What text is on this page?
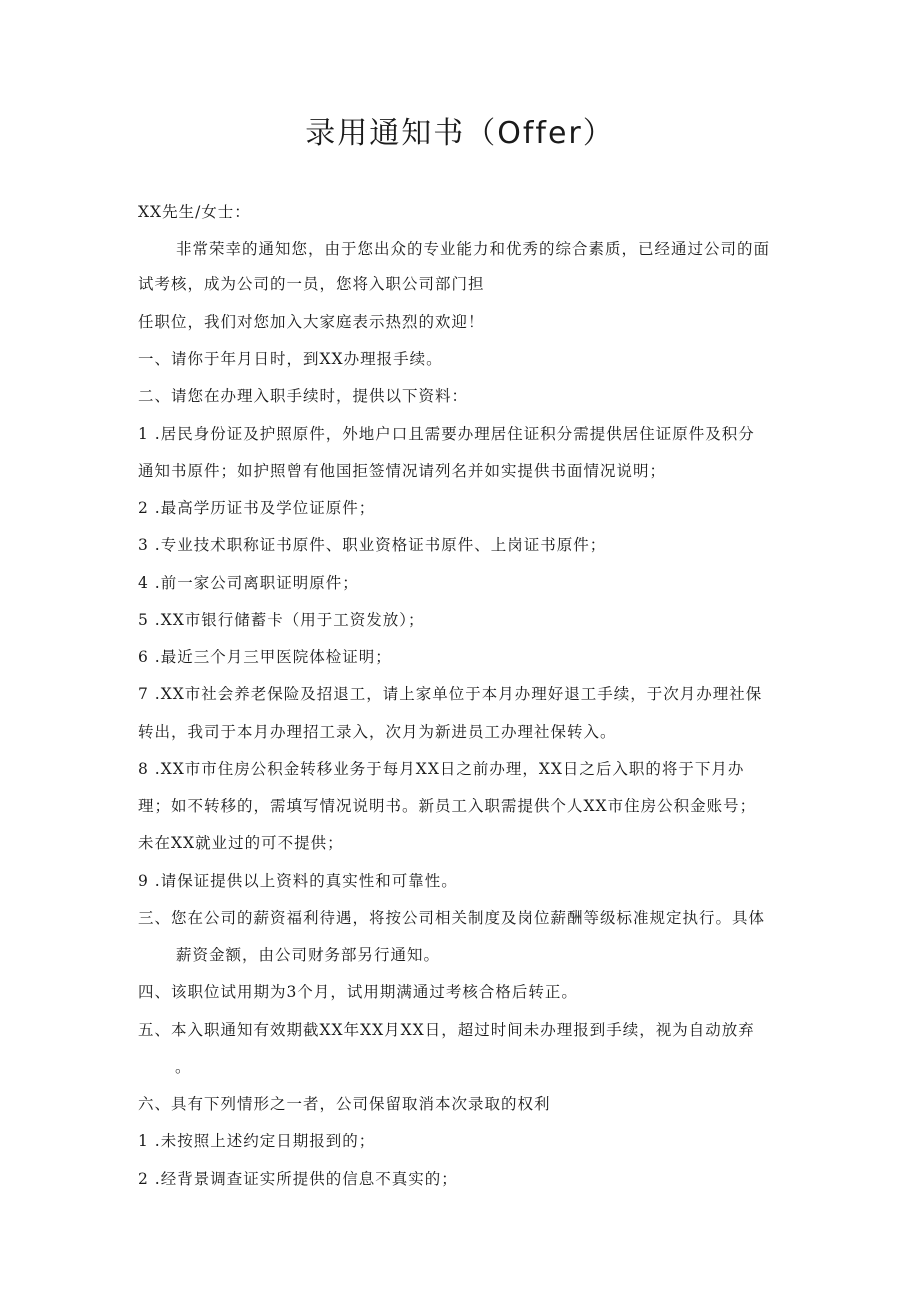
录用通知书（Offer）
XX先生/女士：
非常荣幸的通知您，由于您出众的专业能力和优秀的综合素质，已经通过公司的面
试考核，成为公司的一员，您将入职公司部门担
任职位，我们对您加入大家庭表示热烈的欢迎！
一、请你于年月日时，到XX办理报手续。
二、请您在办理入职手续时，提供以下资料：
1 .居民身份证及护照原件，外地户口且需要办理居住证积分需提供居住证原件及积分
通知书原件；如护照曾有他国拒签情况请列名并如实提供书面情况说明；
2 .最高学历证书及学位证原件；
3 .专业技术职称证书原件、职业资格证书原件、上岗证书原件；
4 .前一家公司离职证明原件；
5 .XX市银行储蓄卡（用于工资发放）；
6 .最近三个月三甲医院体检证明；
7 .XX市社会养老保险及招退工，请上家单位于本月办理好退工手续，于次月办理社保
转出，我司于本月办理招工录入，次月为新进员工办理社保转入。
8 .XX市市住房公积金转移业务于每月XX日之前办理，XX日之后入职的将于下月办
理；如不转移的，需填写情况说明书。新员工入职需提供个人XX市住房公积金账号；
未在XX就业过的可不提供；
9 .请保证提供以上资料的真实性和可靠性。
三、您在公司的薪资福利待遇，将按公司相关制度及岗位薪酬等级标准规定执行。具体
薪资金额，由公司财务部另行通知。
四、该职位试用期为3个月，试用期满通过考核合格后转正。
五、本入职通知有效期截XX年XX月XX日，超过时间未办理报到手续，视为自动放弃
。
六、具有下列情形之一者，公司保留取消本次录取的权利
1 .未按照上述约定日期报到的；
2 .经背景调查证实所提供的信息不真实的；
